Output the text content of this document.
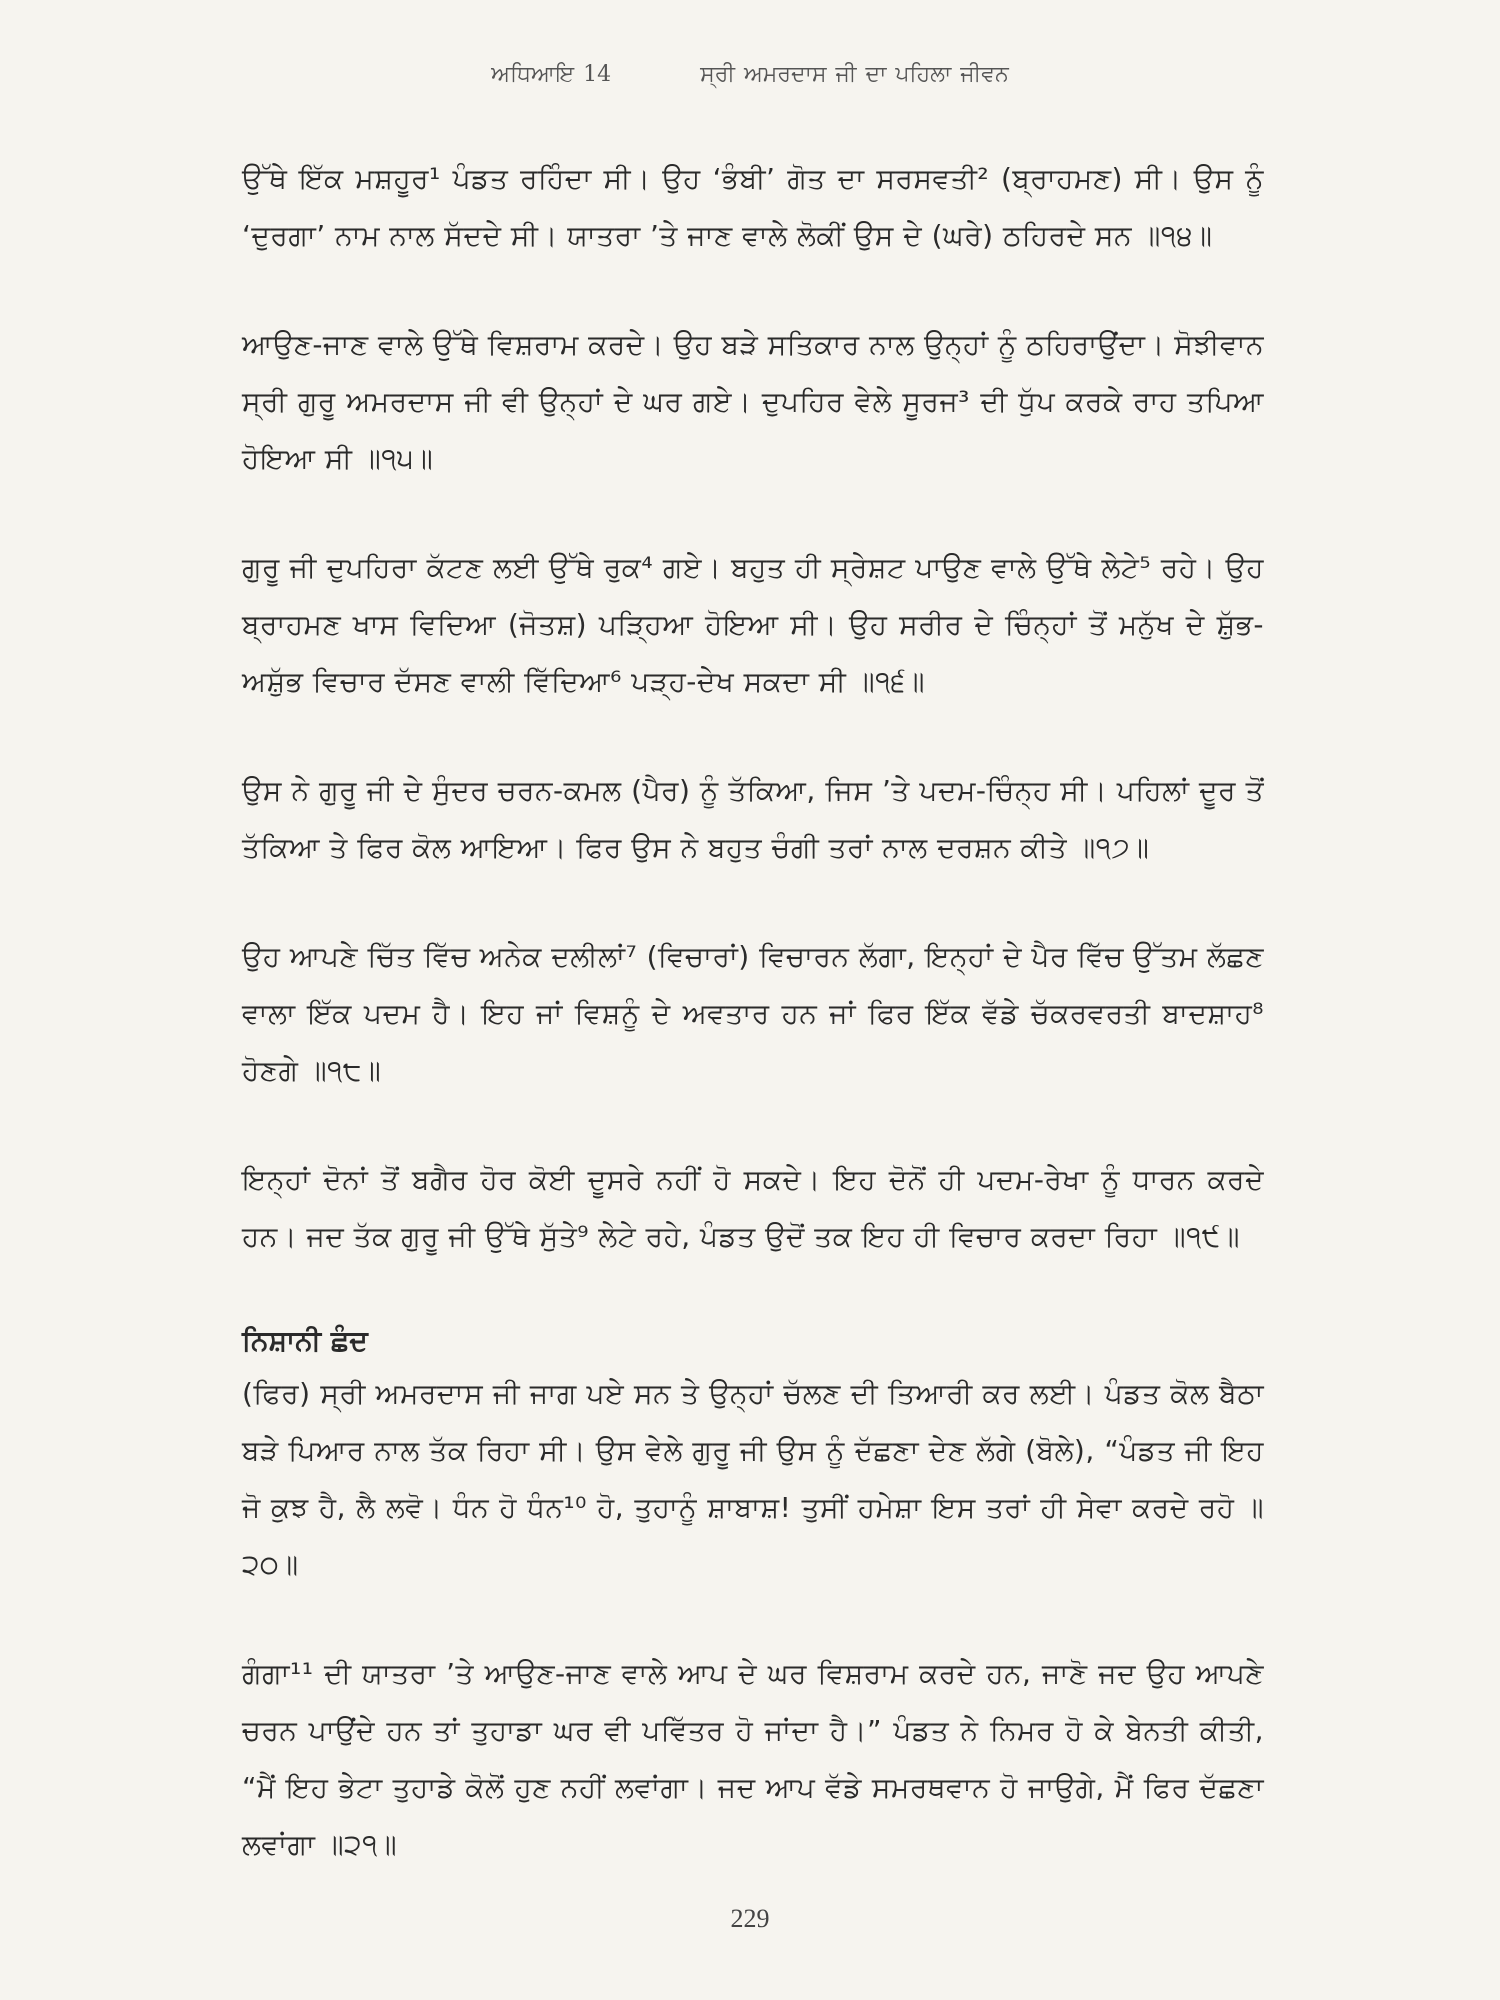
ਅਧਿਆਇ 14	ਸ੍ਰੀ ਅਮਰਦਾਸ ਜੀ ਦਾ ਪਹਿਲਾ ਜੀਵਨ

ਉੱਥੇ ਇੱਕ ਮਸ਼ਹੂਰ¹ ਪੰਡਤ ਰਹਿੰਦਾ ਸੀ। ਉਹ ‘ਭੰਬੀ’ ਗੋਤ ਦਾ ਸਰਸਵਤੀ² (ਬ੍ਰਾਹਮਣ) ਸੀ। ਉਸ ਨੂੰ ‘ਦੁਰਗਾ’ ਨਾਮ ਨਾਲ ਸੱਦਦੇ ਸੀ। ਯਾਤਰਾ ’ਤੇ ਜਾਣ ਵਾਲੇ ਲੋਕੀਂ ਉਸ ਦੇ (ਘਰੇ) ਠਹਿਰਦੇ ਸਨ ॥੧੪॥

ਆਉਣ-ਜਾਣ ਵਾਲੇ ਉੱਥੇ ਵਿਸ਼ਰਾਮ ਕਰਦੇ। ਉਹ ਬੜੇ ਸਤਿਕਾਰ ਨਾਲ ਉਨ੍ਹਾਂ ਨੂੰ ਠਹਿਰਾਉਂਦਾ। ਸੋਝੀਵਾਨ ਸ੍ਰੀ ਗੁਰੂ ਅਮਰਦਾਸ ਜੀ ਵੀ ਉਨ੍ਹਾਂ ਦੇ ਘਰ ਗਏ। ਦੁਪਹਿਰ ਵੇਲੇ ਸੂਰਜ³ ਦੀ ਧੁੱਪ ਕਰਕੇ ਰਾਹ ਤਪਿਆ ਹੋਇਆ ਸੀ ॥੧੫॥

ਗੁਰੂ ਜੀ ਦੁਪਹਿਰਾ ਕੱਟਣ ਲਈ ਉੱਥੇ ਰੁਕ⁴ ਗਏ। ਬਹੁਤ ਹੀ ਸ੍ਰੇਸ਼ਟ ਪਾਉਣ ਵਾਲੇ ਉੱਥੇ ਲੇਟੇ⁵ ਰਹੇ। ਉਹ ਬ੍ਰਾਹਮਣ ਖਾਸ ਵਿਦਿਆ (ਜੋਤਸ਼) ਪੜ੍ਹਿਆ ਹੋਇਆ ਸੀ। ਉਹ ਸਰੀਰ ਦੇ ਚਿੰਨ੍ਹਾਂ ਤੋਂ ਮਨੁੱਖ ਦੇ ਸ਼ੁੱਭ-ਅਸ਼ੁੱਭ ਵਿਚਾਰ ਦੱਸਣ ਵਾਲੀ ਵਿੱਦਿਆ⁶ ਪੜ੍ਹ-ਦੇਖ ਸਕਦਾ ਸੀ ॥੧੬॥

ਉਸ ਨੇ ਗੁਰੂ ਜੀ ਦੇ ਸੁੰਦਰ ਚਰਨ-ਕਮਲ (ਪੈਰ) ਨੂੰ ਤੱਕਿਆ, ਜਿਸ ’ਤੇ ਪਦਮ-ਚਿੰਨ੍ਹ ਸੀ। ਪਹਿਲਾਂ ਦੂਰ ਤੋਂ ਤੱਕਿਆ ਤੇ ਫਿਰ ਕੋਲ ਆਇਆ। ਫਿਰ ਉਸ ਨੇ ਬਹੁਤ ਚੰਗੀ ਤਰਾਂ ਨਾਲ ਦਰਸ਼ਨ ਕੀਤੇ ॥੧੭॥

ਉਹ ਆਪਣੇ ਚਿੱਤ ਵਿੱਚ ਅਨੇਕ ਦਲੀਲਾਂ⁷ (ਵਿਚਾਰਾਂ) ਵਿਚਾਰਨ ਲੱਗਾ, ਇਨ੍ਹਾਂ ਦੇ ਪੈਰ ਵਿੱਚ ਉੱਤਮ ਲੱਛਣ ਵਾਲਾ ਇੱਕ ਪਦਮ ਹੈ। ਇਹ ਜਾਂ ਵਿਸ਼ਨੂੰ ਦੇ ਅਵਤਾਰ ਹਨ ਜਾਂ ਫਿਰ ਇੱਕ ਵੱਡੇ ਚੱਕਰਵਰਤੀ ਬਾਦਸ਼ਾਹ⁸ ਹੋਣਗੇ ॥੧੮॥

ਇਨ੍ਹਾਂ ਦੋਨਾਂ ਤੋਂ ਬਗੈਰ ਹੋਰ ਕੋਈ ਦੂਸਰੇ ਨਹੀਂ ਹੋ ਸਕਦੇ। ਇਹ ਦੋਨੋਂ ਹੀ ਪਦਮ-ਰੇਖਾ ਨੂੰ ਧਾਰਨ ਕਰਦੇ ਹਨ। ਜਦ ਤੱਕ ਗੁਰੂ ਜੀ ਉੱਥੇ ਸੁੱਤੇ⁹ ਲੇਟੇ ਰਹੇ, ਪੰਡਤ ਉਦੋਂ ਤਕ ਇਹ ਹੀ ਵਿਚਾਰ ਕਰਦਾ ਰਿਹਾ ॥੧੯॥

ਨਿਸ਼ਾਨੀ ਛੰਦ

(ਫਿਰ) ਸ੍ਰੀ ਅਮਰਦਾਸ ਜੀ ਜਾਗ ਪਏ ਸਨ ਤੇ ਉਨ੍ਹਾਂ ਚੱਲਣ ਦੀ ਤਿਆਰੀ ਕਰ ਲਈ। ਪੰਡਤ ਕੋਲ ਬੈਠਾ ਬੜੇ ਪਿਆਰ ਨਾਲ ਤੱਕ ਰਿਹਾ ਸੀ। ਉਸ ਵੇਲੇ ਗੁਰੂ ਜੀ ਉਸ ਨੂੰ ਦੱਛਣਾ ਦੇਣ ਲੱਗੇ (ਬੋਲੇ), “ਪੰਡਤ ਜੀ ਇਹ ਜੋ ਕੁਝ ਹੈ, ਲੈ ਲਵੋ। ਧੰਨ ਹੋ ਧੰਨ¹⁰ ਹੋ, ਤੁਹਾਨੂੰ ਸ਼ਾਬਾਸ਼! ਤੁਸੀਂ ਹਮੇਸ਼ਾ ਇਸ ਤਰਾਂ ਹੀ ਸੇਵਾ ਕਰਦੇ ਰਹੋ ॥੨੦॥

ਗੰਗਾ¹¹ ਦੀ ਯਾਤਰਾ ’ਤੇ ਆਉਣ-ਜਾਣ ਵਾਲੇ ਆਪ ਦੇ ਘਰ ਵਿਸ਼ਰਾਮ ਕਰਦੇ ਹਨ, ਜਾਣੋ ਜਦ ਉਹ ਆਪਣੇ ਚਰਨ ਪਾਉਂਦੇ ਹਨ ਤਾਂ ਤੁਹਾਡਾ ਘਰ ਵੀ ਪਵਿੱਤਰ ਹੋ ਜਾਂਦਾ ਹੈ।” ਪੰਡਤ ਨੇ ਨਿਮਰ ਹੋ ਕੇ ਬੇਨਤੀ ਕੀਤੀ, “ਮੈਂ ਇਹ ਭੇਟਾ ਤੁਹਾਡੇ ਕੋਲੋਂ ਹੁਣ ਨਹੀਂ ਲਵਾਂਗਾ। ਜਦ ਆਪ ਵੱਡੇ ਸਮਰਥਵਾਨ ਹੋ ਜਾਉਗੇ, ਮੈਂ ਫਿਰ ਦੱਛਣਾ ਲਵਾਂਗਾ ॥੨੧॥

229
